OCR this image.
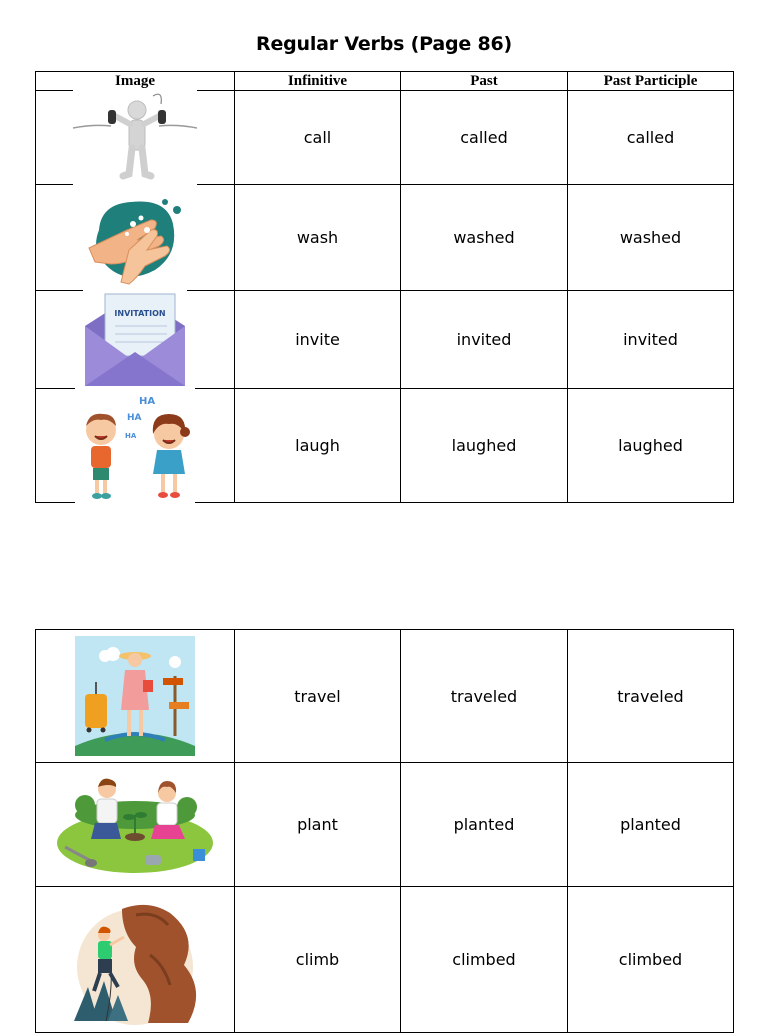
Regular Verbs (Page 86)
Image	Infinitive	Past	Past Participle

	call	called	called

	wash	washed	washed

INVITATION	invite	invited	invited

HA
HA
HA	laugh	laughed	laughed
	travel	traveled	traveled

	plant	planted	planted

	climb	climbed	climbed
